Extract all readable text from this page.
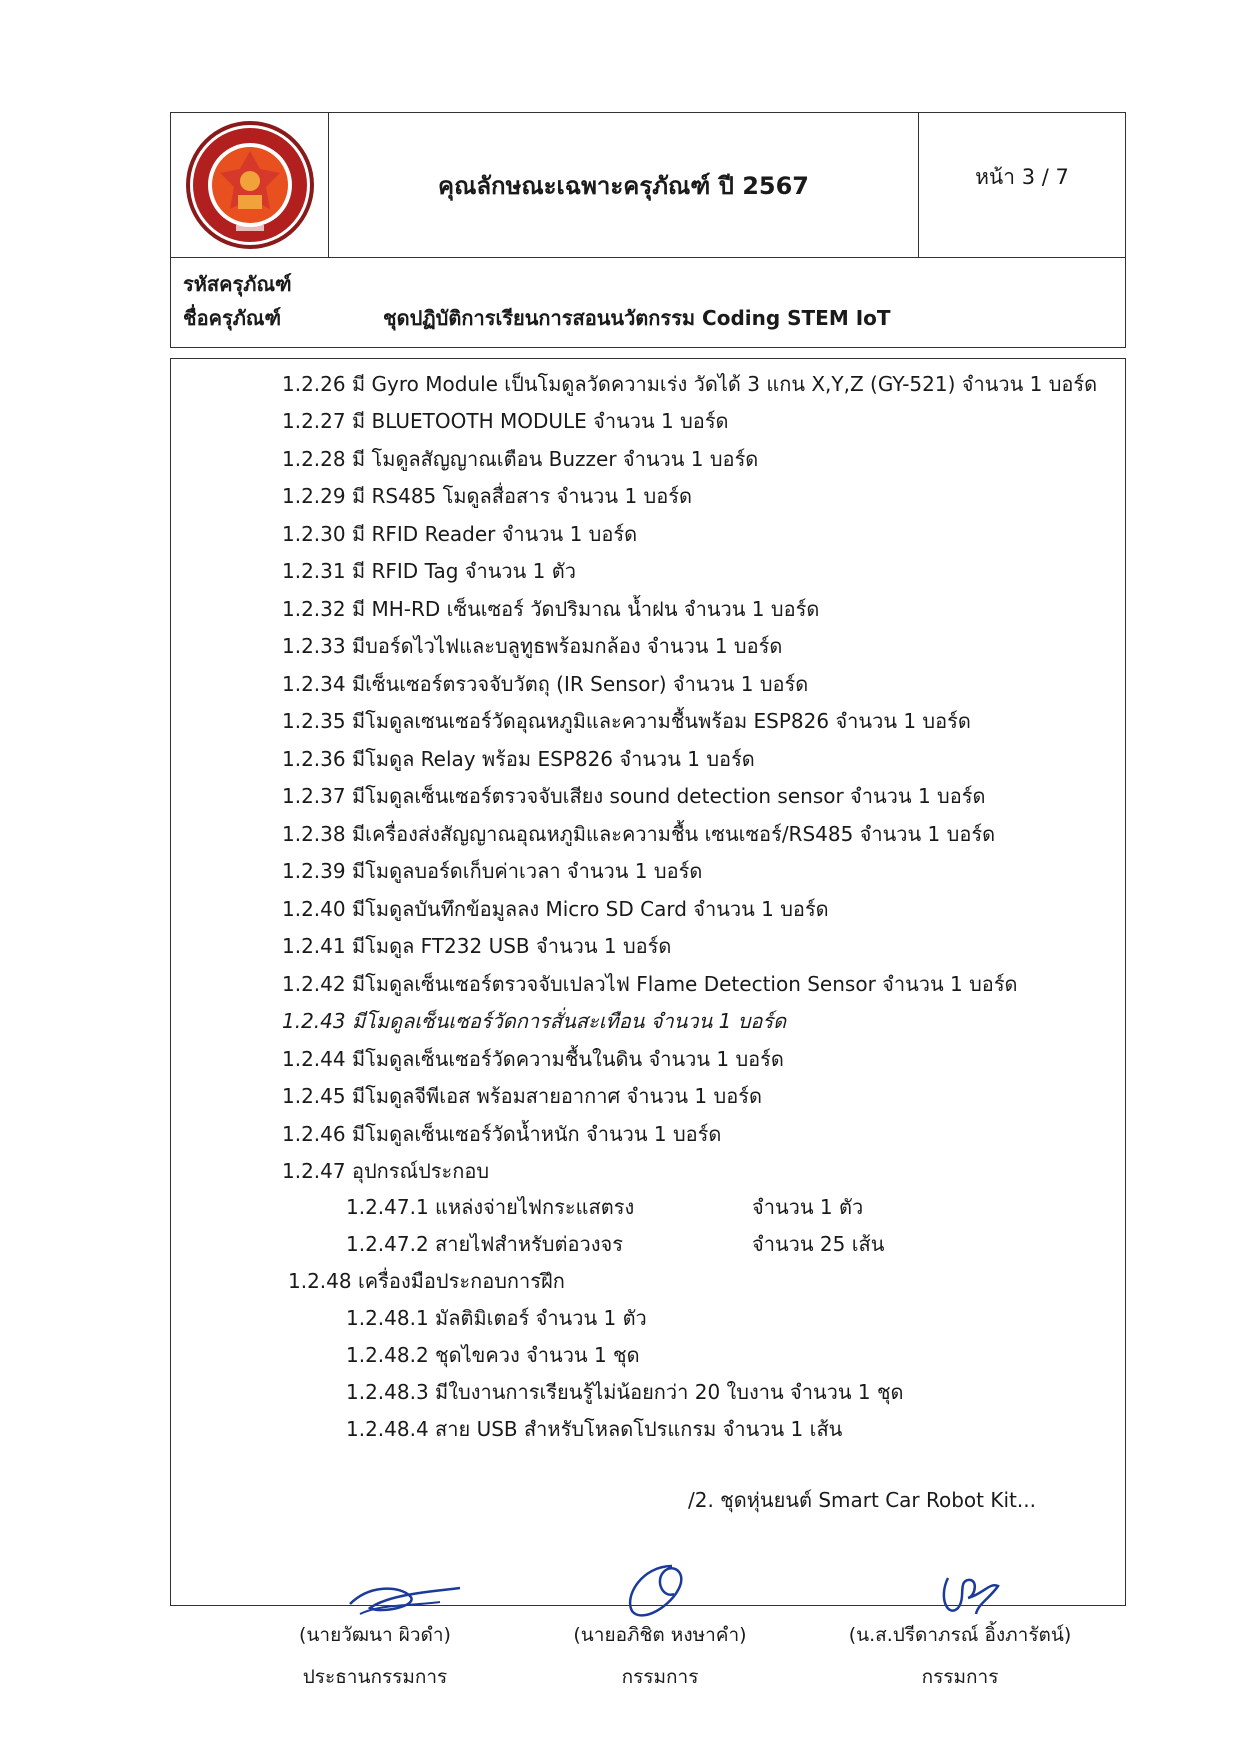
คุณลักษณะเฉพาะครุภัณฑ์ ปี 2567	หน้า 3 / 7
รหัสครุภัณฑ์
ชื่อครุภัณฑ์	ชุดปฏิบัติการเรียนการสอนนวัตกรรม Coding STEM IoT
1.2.26 มี Gyro Module เป็นโมดูลวัดความเร่ง วัดได้ 3 แกน X,Y,Z (GY-521) จำนวน 1 บอร์ด
1.2.27 มี BLUETOOTH MODULE จำนวน 1 บอร์ด
1.2.28 มี โมดูลสัญญาณเตือน Buzzer จำนวน 1 บอร์ด
1.2.29 มี RS485 โมดูลสื่อสาร จำนวน 1 บอร์ด
1.2.30 มี RFID Reader จำนวน 1 บอร์ด
1.2.31 มี RFID Tag จำนวน 1 ตัว
1.2.32 มี MH-RD เซ็นเซอร์ วัดปริมาณ น้ำฝน จำนวน 1 บอร์ด
1.2.33 มีบอร์ดไวไฟและบลูทูธพร้อมกล้อง จำนวน 1 บอร์ด
1.2.34 มีเซ็นเซอร์ตรวจจับวัตถุ (IR Sensor) จำนวน 1 บอร์ด
1.2.35 มีโมดูลเซนเซอร์วัดอุณหภูมิและความชื้นพร้อม ESP826 จำนวน 1 บอร์ด
1.2.36 มีโมดูล Relay พร้อม ESP826 จำนวน 1 บอร์ด
1.2.37 มีโมดูลเซ็นเซอร์ตรวจจับเสียง sound detection sensor จำนวน 1 บอร์ด
1.2.38 มีเครื่องส่งสัญญาณอุณหภูมิและความชื้น เซนเซอร์/RS485 จำนวน 1 บอร์ด
1.2.39 มีโมดูลบอร์ดเก็บค่าเวลา จำนวน 1 บอร์ด
1.2.40 มีโมดูลบันทึกข้อมูลลง Micro SD Card จำนวน 1 บอร์ด
1.2.41 มีโมดูล FT232 USB จำนวน 1 บอร์ด
1.2.42 มีโมดูลเซ็นเซอร์ตรวจจับเปลวไฟ Flame Detection Sensor จำนวน 1 บอร์ด
1.2.43 มีโมดูลเซ็นเซอร์วัดการสั่นสะเทือน จำนวน 1 บอร์ด
1.2.44 มีโมดูลเซ็นเซอร์วัดความชื้นในดิน จำนวน 1 บอร์ด
1.2.45 มีโมดูลจีพีเอส พร้อมสายอากาศ จำนวน 1 บอร์ด
1.2.46 มีโมดูลเซ็นเซอร์วัดน้ำหนัก จำนวน 1 บอร์ด
1.2.47 อุปกรณ์ประกอบ
1.2.47.1 แหล่งจ่ายไฟกระแสตรง	จำนวน 1 ตัว
1.2.47.2 สายไฟสำหรับต่อวงจร	จำนวน 25 เส้น
1.2.48 เครื่องมือประกอบการฝึก
1.2.48.1 มัลติมิเตอร์ จำนวน 1 ตัว
1.2.48.2 ชุดไขควง จำนวน 1 ชุด
1.2.48.3 มีใบงานการเรียนรู้ไม่น้อยกว่า 20 ใบงาน จำนวน 1 ชุด
1.2.48.4 สาย USB สำหรับโหลดโปรแกรม จำนวน 1 เส้น
/2. ชุดหุ่นยนต์ Smart Car Robot Kit...
(นายวัฒนา ผิวดำ)
ประธานกรรมการ
(นายอภิชิต หงษาคำ)
กรรมการ
(น.ส.ปรีดาภรณ์ อิ้งภารัตน์)
กรรมการ
